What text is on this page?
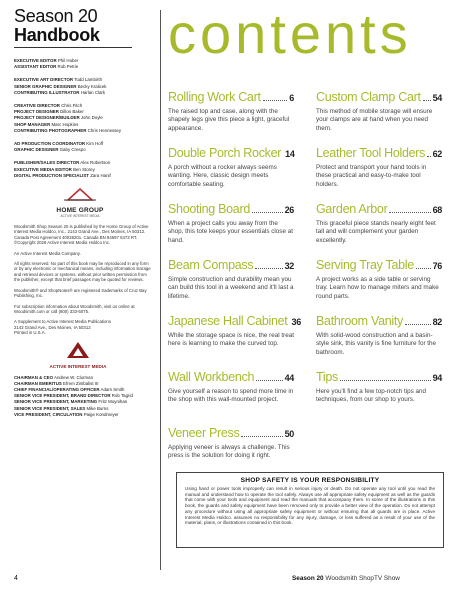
Season 20
Handbook
EXECUTIVE EDITOR Phil Huber
ASSISTANT EDITOR Rob Petrie
EXECUTIVE ART DIRECTOR Todd Lambirth
SENIOR GRAPHIC DESIGNER Becky Kralicek
CONTRIBUTING ILLUSTRATOR Harlan Clark
CREATIVE DIRECTOR Chris Fitch
PROJECT DESIGNER Dillon Baker
PROJECT DESIGNER/BUILDER John Doyle
SHOP MANAGER Marc Hopkins
CONTRIBUTING PHOTOGRAPHER Chris Hennessey
AD PRODUCTION COORDINATOR Kim Hoff
GRAPHIC DESIGNER Gaby Crespo
PUBLISHER/SALES DIRECTOR Alex Robertson
EXECUTIVE MEDIA EDITOR Ben Storey
DIGITAL PRODUCTION SPECIALIST Zara Hanif
HOME GROUP
ACTIVE INTEREST MEDIA
Woodsmith Shop Season 20 is published by the Home Group of Active Interest Media Holdco, Inc., 2143 Grand Ave., Des Moines, IA 50312. Canada Post Agreement 40038201. Canada BN 84597 5473 RT. ©Copyright 2026 Active Interest Media Holdco Inc.
An Active Interest Media Company.
All rights reserved. No part of this book may be reproduced in any form or by any electronic or mechanical means, including information storage and retrieval devices or systems, without prior written permission from the publisher, except that brief passages may be quoted for reviews.
Woodsmith® and ShopNotes® are registered trademarks of Cruz Bay Publishing, Inc.
For subscription information about Woodsmith, visit us online at Woodsmith.com or call (800) 333-5075.
A Supplement to Active Interest Media Publications
2143 Grand Ave., Des Moines, IA 50312
Printed in U.S.A.
ACTIVE INTEREST MEDIA
CHAIRMAN & CEO Andrew W. Clurman
CHAIRMAN EMERITUS Efrem Zimbalist III
CHIEF FINANCIAL/OPERATING OFFICER Adam Smith
SENIOR VICE PRESIDENT, BRAND DIRECTOR Rob Tagrid
SENIOR VICE PRESIDENT, MARKETING Fritz Moynihan
SENIOR VICE PRESIDENT, SALES Mike Burns
VICE PRESIDENT, CIRCULATION Paige Kondmeyer
contents
Rolling Work Cart	6
The raised top and case, along with the shapely legs give this piece a light, graceful appearance.
Double Porch Rocker 14
A porch without a rocker always seems wanting. Here, classic design meets comfortable seating.
Shooting Board	26
When a project calls you away from the shop, this tote keeps your essentials close at hand.
Beam Compass	32
Simple construction and durability mean you can build this tool in a weekend and it'll last a lifetime.
Japanese Hall Cabinet 36
While the storage space is nice, the real treat here is learning to make the curved top.
Wall Workbench	44
Give yourself a reason to spend more time in the shop with this wall-mounted project.
Veneer Press	50
Applying veneer is always a challenge. This press is the solution for doing it right.
Custom Clamp Cart 54
This method of mobile storage will ensure your clamps are at hand when you need them.
Leather Tool Holders 62
Protect and transport your hand tools in these practical and easy-to-make tool holders.
Garden Arbor	68
This graceful piece stands nearly eight feet tall and will complement your garden excellently.
Serving Tray Table 76
A project works as a side table or serving tray. Learn how to manage miters and make round parts.
Bathroom Vanity	82
With solid-wood construction and a basin-style sink, this vanity is fine furniture for the bathroom.
Tips	94
Here you'll find a few top-notch tips and techniques, from our shop to yours.
SHOP SAFETY IS YOUR RESPONSIBILITY

Using hand or power tools improperly can result in serious injury or death. Do not operate any tool until you read the manual and understand how to operate the tool safely. Always use all appropriate safety equipment as well as the guards that come with your tools and equipment and read the manuals that accompany them. In some of the illustrations in this book, the guards and safety equipment have been removed only to provide a better view of the operation. Do not attempt any procedure without using all appropriate safety equipment or without ensuring that all guards are in place. Active Interest Media Holdco. assumes no responsibility for any injury, damage, or loss suffered as a result of your use of the material, plans, or illustrations contained in this book.

4	Season 20 Woodsmith ShopTV Show
